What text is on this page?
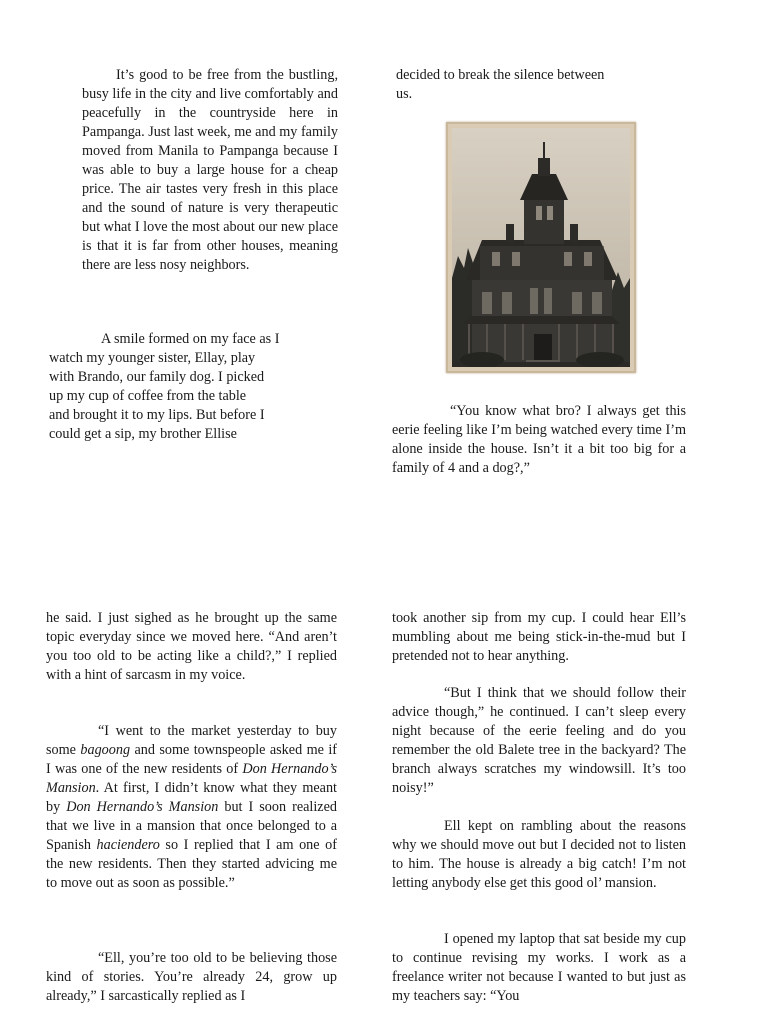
It’s good to be free from the bustling, busy life in the city and live comfortably and peacefully in the countryside here in Pampanga. Just last week, me and my family moved from Manila to Pampanga because I was able to buy a large house for a cheap price. The air tastes very fresh in this place and the sound of nature is very therapeutic but what I love the most about our new place is that it is far from other houses, meaning there are less nosy neighbors.

A smile formed on my face as I
watch my younger sister, Ellay, play
with Brando, our family dog. I picked
up my cup of coffee from the table
and brought it to my lips. But before I
could get a sip, my brother Ellise
decided to break the silence between
us.

“You know what bro? I always get this eerie feeling like I’m being watched every time I’m alone inside the house. Isn’t it a bit too big for a family of 4 and a dog?,”

he said. I just sighed as he brought up the same topic everyday since we moved here. “And aren’t you too old to be acting like a child?,” I replied with a hint of sarcasm in my voice.

“I went to the market yesterday to buy some bagoong and some townspeople asked me if I was one of the new residents of Don Hernando’s Mansion. At first, I didn’t know what they meant by Don Hernando’s Mansion but I soon realized that we live in a mansion that once belonged to a Spanish haciendero so I replied that I am one of the new residents. Then they started advicing me to move out as soon as possible.”

“Ell, you’re too old to be believing those kind of stories. You’re already 24, grow up already,” I sarcastically replied as I

took another sip from my cup. I could hear Ell’s mumbling about me being stick-in-the-mud but I pretended not to hear anything.

“But I think that we should follow their advice though,” he continued. I can’t sleep every night because of the eerie feeling and do you remember the old Balete tree in the backyard? The branch always scratches my windowsill. It’s too noisy!”

Ell kept on rambling about the reasons why we should move out but I decided not to listen to him. The house is already a big catch! I’m not letting anybody else get this good ol’ mansion.

I opened my laptop that sat beside my cup to continue revising my works. I work as a freelance writer not because I wanted to but just as my teachers say: “You
